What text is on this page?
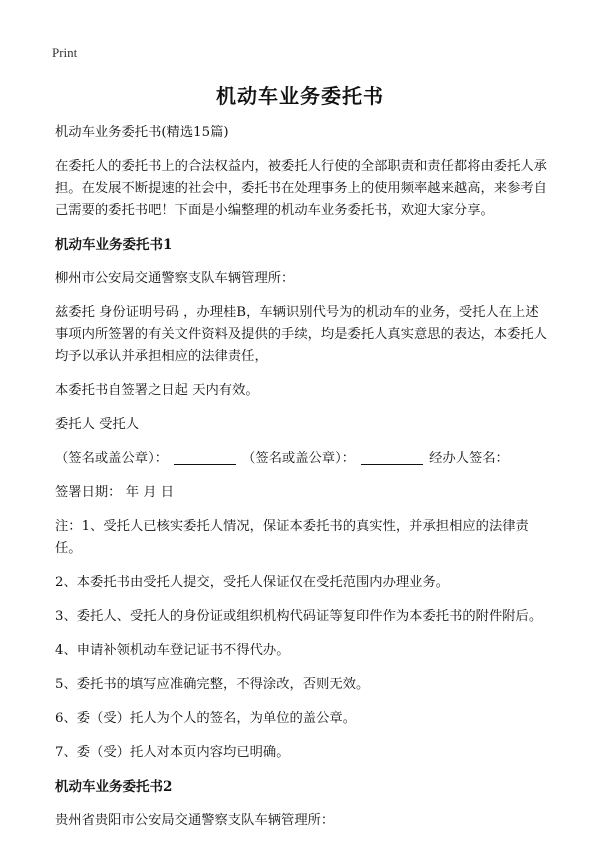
Print
机动车业务委托书

机动车业务委托书(精选15篇)

在委托人的委托书上的合法权益内，被委托人行使的全部职责和责任都将由委托人承担。在发展不断提速的社会中，委托书在处理事务上的使用频率越来越高，来参考自己需要的委托书吧！下面是小编整理的机动车业务委托书，欢迎大家分享。

机动车业务委托书1

柳州市公安局交通警察支队车辆管理所：

兹委托 身份证明号码 ，办理桂B，车辆识别代号为的机动车的业务，受托人在上述事项内所签署的有关文件资料及提供的手续，均是委托人真实意思的表达，本委托人均予以承认并承担相应的法律责任，

本委托书自签署之日起 天内有效。

委托人 受托人

（签名或盖公章）：	（签名或盖公章）：	经办人签名：

签署日期： 年 月 日

注：1、受托人已核实委托人情况，保证本委托书的真实性，并承担相应的法律责任。

2、本委托书由受托人提交，受托人保证仅在受托范围内办理业务。

3、委托人、受托人的身份证或组织机构代码证等复印件作为本委托书的附件附后。

4、申请补领机动车登记证书不得代办。

5、委托书的填写应准确完整，不得涂改，否则无效。

6、委（受）托人为个人的签名，为单位的盖公章。

7、委（受）托人对本页内容均已明确。

机动车业务委托书2

贵州省贵阳市公安局交通警察支队车辆管理所：
